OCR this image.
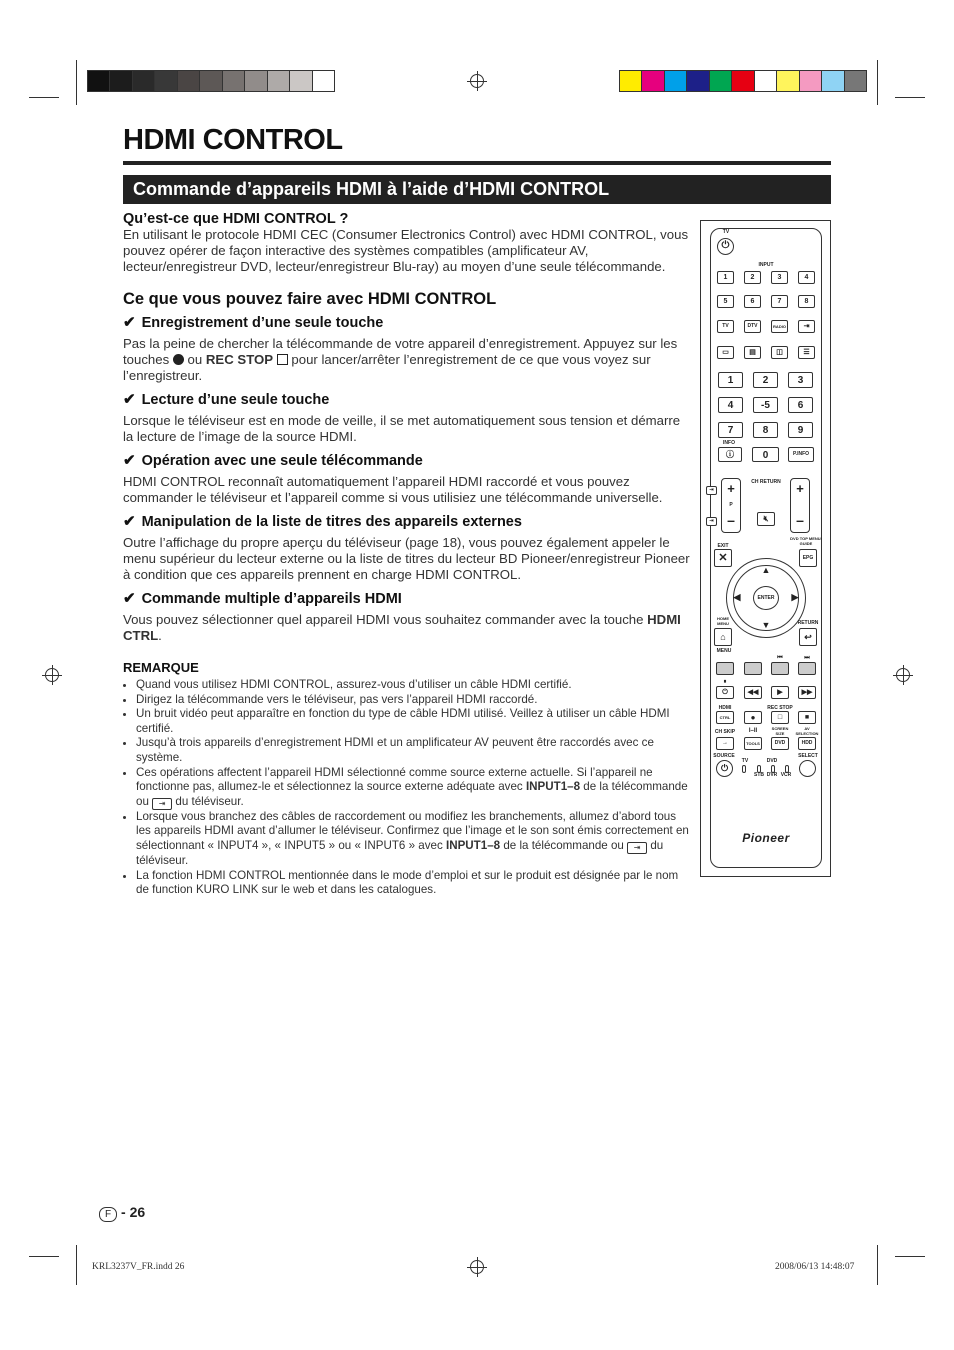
HDMI CONTROL
Commande d’appareils HDMI à l’aide d’HDMI CONTROL
Qu’est-ce que HDMI CONTROL ?

En utilisant le protocole HDMI CEC (Consumer Electronics Control) avec HDMI CONTROL, vous pouvez opérer de façon interactive des systèmes compatibles (amplificateur AV, lecteur/enregistreur DVD, lecteur/enregistreur Blu-ray) au moyen d’une seule télécommande.

Ce que vous pouvez faire avec HDMI CONTROL
✔ Enregistrement d’une seule touche

Pas la peine de chercher la télécommande de votre appareil d’enregistrement. Appuyez sur les touches ou REC STOP pour lancer/arrêter l’enregistrement de ce que vous voyez sur l’enregistreur.

✔ Lecture d’une seule touche

Lorsque le téléviseur est en mode de veille, il se met automatiquement sous tension et démarre la lecture de l’image de la source HDMI.

✔ Opération avec une seule télécommande

HDMI CONTROL reconnaît automatiquement l’appareil HDMI raccordé et vous pouvez commander le téléviseur et l’appareil comme si vous utilisiez une télécommande universelle.

✔ Manipulation de la liste de titres des appareils externes

Outre l’affichage du propre aperçu du téléviseur (page 18), vous pouvez également appeler le menu supérieur du lecteur externe ou la liste de titres du lecteur BD Pioneer/enregistreur Pioneer à condition que ces appareils prennent en charge HDMI CONTROL.

✔ Commande multiple d’appareils HDMI

Vous pouvez sélectionner quel appareil HDMI vous souhaitez commander avec la touche HDMI CTRL.

REMARQUE
• Quand vous utilisez HDMI CONTROL, assurez-vous d’utiliser un câble HDMI certifié.
• Dirigez la télécommande vers le téléviseur, pas vers l’appareil HDMI raccordé.
• Un bruit vidéo peut apparaître en fonction du type de câble HDMI utilisé. Veillez à utiliser un câble HDMI certifié.
• Jusqu’à trois appareils d’enregistrement HDMI et un amplificateur AV peuvent être raccordés avec ce système.
• Ces opérations affectent l’appareil HDMI sélectionné comme source externe actuelle. Si l’appareil ne fonctionne pas, allumez-le et sélectionnez la source externe adéquate avec INPUT1–8 de la télécommande ou ⇥ du téléviseur.
• Lorsque vous branchez des câbles de raccordement ou modifiez les branchements, allumez d’abord tous les appareils HDMI avant d’allumer le téléviseur. Confirmez que l’image et le son sont émis correctement en sélectionnant « INPUT4 », « INPUT5 » ou « INPUT6 » avec INPUT1–8 de la télécommande ou ⇥ du téléviseur.
• La fonction HDMI CONTROL mentionnée dans le mode d’emploi et sur le produit est désignée par le nom de function KURO LINK sur le web et dans les catalogues.
TV
⏻
INPUT
1	2	3	4
5	6	7	8
TV	DTV	RADIO	⇥
▭	▤	◫	☰
1	2	3
4	-5	6
7	8	9
INFO
ⓘ	0	P.INFO
+
P
–
CH RETURN
🔇︎
+
–
⇥
⇥
EXIT
✕
DVD TOP MENU/ GUIDE
EPG
▲
▼
◀	▶
ENTER
HOME MENU
⌂
RETURN
↩
MENU
⏮	⏭
⏸
⏻	◀◀	▶	▶▶
HDMI	REC STOP
CTRL	●	□	■
CH SKIP	I–II	SCREEN SIZE
AV SELECTION
→	TOOLS	DVD	HDD
SOURCE	SELECT
⏻
TV	DVD
STB DVR VCR
Pioneer
F - 26
KRL3237V_FR.indd 26	2008/06/13 14:48:07
